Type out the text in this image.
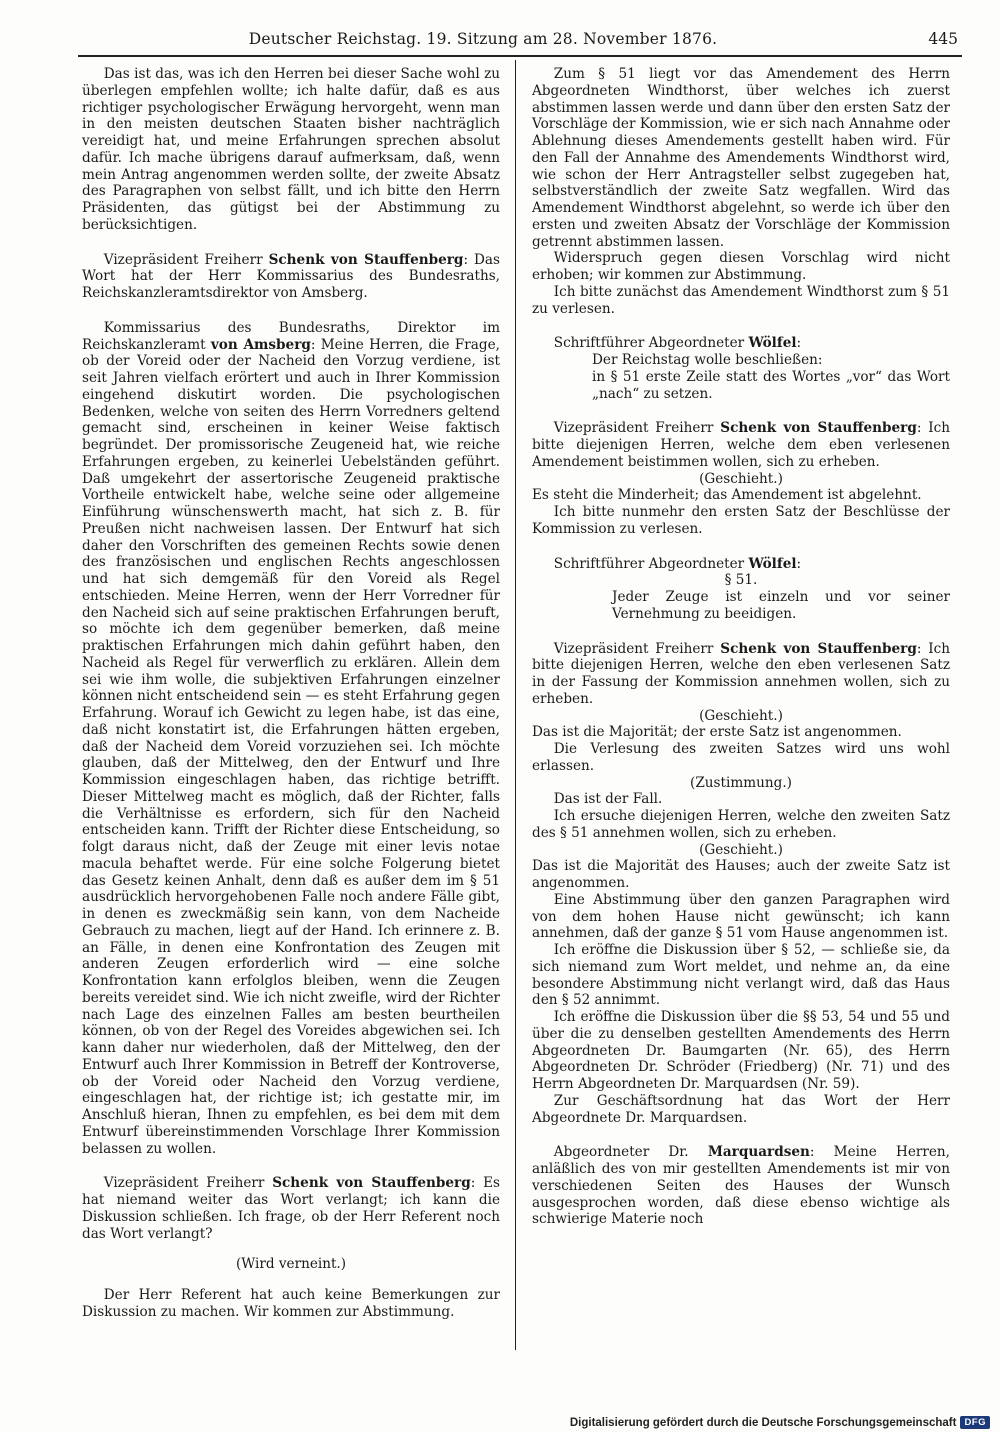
Deutscher Reichstag. 19. Sitzung am 28. November 1876.	445

Das ist das, was ich den Herren bei dieser Sache wohl zu überlegen empfehlen wollte; ich halte dafür, daß es aus richtiger psychologischer Erwägung hervorgeht, wenn man in den meisten deutschen Staaten bisher nachträglich vereidigt hat, und meine Erfahrungen sprechen absolut dafür. Ich mache übrigens darauf aufmerksam, daß, wenn mein Antrag angenommen werden sollte, der zweite Absatz des Paragraphen von selbst fällt, und ich bitte den Herrn Präsidenten, das gütigst bei der Abstimmung zu berücksichtigen.

Vizepräsident Freiherr Schenk von Stauffenberg: Das Wort hat der Herr Kommissarius des Bundesraths, Reichskanzleramtsdirektor von Amsberg.

Kommissarius des Bundesraths, Direktor im Reichskanzleramt von Amsberg: Meine Herren, die Frage, ob der Voreid oder der Nacheid den Vorzug verdiene, ist seit Jahren vielfach erörtert und auch in Ihrer Kommission eingehend diskutirt worden. Die psychologischen Bedenken, welche von seiten des Herrn Vorredners geltend gemacht sind, erscheinen in keiner Weise faktisch begründet. Der promissorische Zeugeneid hat, wie reiche Erfahrungen ergeben, zu keinerlei Uebelständen geführt. Daß umgekehrt der assertorische Zeugeneid praktische Vortheile entwickelt habe, welche seine oder allgemeine Einführung wünschenswerth macht, hat sich z. B. für Preußen nicht nachweisen lassen. Der Entwurf hat sich daher den Vorschriften des gemeinen Rechts sowie denen des französischen und englischen Rechts angeschlossen und hat sich demgemäß für den Voreid als Regel entschieden. Meine Herren, wenn der Herr Vorredner für den Nacheid sich auf seine praktischen Erfahrungen beruft, so möchte ich dem gegenüber bemerken, daß meine praktischen Erfahrungen mich dahin geführt haben, den Nacheid als Regel für verwerflich zu erklären. Allein dem sei wie ihm wolle, die subjektiven Erfahrungen einzelner können nicht entscheidend sein — es steht Erfahrung gegen Erfahrung. Worauf ich Gewicht zu legen habe, ist das eine, daß nicht konstatirt ist, die Erfahrungen hätten ergeben, daß der Nacheid dem Voreid vorzuziehen sei. Ich möchte glauben, daß der Mittelweg, den der Entwurf und Ihre Kommission eingeschlagen haben, das richtige betrifft. Dieser Mittelweg macht es möglich, daß der Richter, falls die Verhältnisse es erfordern, sich für den Nacheid entscheiden kann. Trifft der Richter diese Entscheidung, so folgt daraus nicht, daß der Zeuge mit einer levis notae macula behaftet werde. Für eine solche Folgerung bietet das Gesetz keinen Anhalt, denn daß es außer dem im § 51 ausdrücklich hervorgehobenen Falle noch andere Fälle gibt, in denen es zweckmäßig sein kann, von dem Nacheide Gebrauch zu machen, liegt auf der Hand. Ich erinnere z. B. an Fälle, in denen eine Konfrontation des Zeugen mit anderen Zeugen erforderlich wird — eine solche Konfrontation kann erfolglos bleiben, wenn die Zeugen bereits vereidet sind. Wie ich nicht zweifle, wird der Richter nach Lage des einzelnen Falles am besten beurtheilen können, ob von der Regel des Voreides abgewichen sei. Ich kann daher nur wiederholen, daß der Mittelweg, den der Entwurf auch Ihrer Kommission in Betreff der Kontroverse, ob der Voreid oder Nacheid den Vorzug verdiene, eingeschlagen hat, der richtige ist; ich gestatte mir, im Anschluß hieran, Ihnen zu empfehlen, es bei dem mit dem Entwurf übereinstimmenden Vorschlage Ihrer Kommission belassen zu wollen.

Vizepräsident Freiherr Schenk von Stauffenberg: Es hat niemand weiter das Wort verlangt; ich kann die Diskussion schließen. Ich frage, ob der Herr Referent noch das Wort verlangt?

(Wird verneint.)

Der Herr Referent hat auch keine Bemerkungen zur Diskussion zu machen. Wir kommen zur Abstimmung.

Zum § 51 liegt vor das Amendement des Herrn Abgeordneten Windthorst, über welches ich zuerst abstimmen lassen werde und dann über den ersten Satz der Vorschläge der Kommission, wie er sich nach Annahme oder Ablehnung dieses Amendements gestellt haben wird. Für den Fall der Annahme des Amendements Windthorst wird, wie schon der Herr Antragsteller selbst zugegeben hat, selbstverständlich der zweite Satz wegfallen. Wird das Amendement Windthorst abgelehnt, so werde ich über den ersten und zweiten Absatz der Vorschläge der Kommission getrennt abstimmen lassen.

Widerspruch gegen diesen Vorschlag wird nicht erhoben; wir kommen zur Abstimmung.

Ich bitte zunächst das Amendement Windthorst zum § 51 zu verlesen.

Schriftführer Abgeordneter Wölfel:

Der Reichstag wolle beschließen:

in § 51 erste Zeile statt des Wortes „vor“ das Wort „nach“ zu setzen.

Vizepräsident Freiherr Schenk von Stauffenberg: Ich bitte diejenigen Herren, welche dem eben verlesenen Amendement beistimmen wollen, sich zu erheben.

(Geschieht.)

Es steht die Minderheit; das Amendement ist abgelehnt.

Ich bitte nunmehr den ersten Satz der Beschlüsse der Kommission zu verlesen.

Schriftführer Abgeordneter Wölfel:

§ 51.

Jeder Zeuge ist einzeln und vor seiner Vernehmung zu beeidigen.

Vizepräsident Freiherr Schenk von Stauffenberg: Ich bitte diejenigen Herren, welche den eben verlesenen Satz in der Fassung der Kommission annehmen wollen, sich zu erheben.

(Geschieht.)

Das ist die Majorität; der erste Satz ist angenommen.

Die Verlesung des zweiten Satzes wird uns wohl erlassen.

(Zustimmung.)

Das ist der Fall.

Ich ersuche diejenigen Herren, welche den zweiten Satz des § 51 annehmen wollen, sich zu erheben.

(Geschieht.)

Das ist die Majorität des Hauses; auch der zweite Satz ist angenommen.

Eine Abstimmung über den ganzen Paragraphen wird von dem hohen Hause nicht gewünscht; ich kann annehmen, daß der ganze § 51 vom Hause angenommen ist.

Ich eröffne die Diskussion über § 52, — schließe sie, da sich niemand zum Wort meldet, und nehme an, da eine besondere Abstimmung nicht verlangt wird, daß das Haus den § 52 annimmt.

Ich eröffne die Diskussion über die §§ 53, 54 und 55 und über die zu denselben gestellten Amendements des Herrn Abgeordneten Dr. Baumgarten (Nr. 65), des Herrn Abgeordneten Dr. Schröder (Friedberg) (Nr. 71) und des Herrn Abgeordneten Dr. Marquardsen (Nr. 59).

Zur Geschäftsordnung hat das Wort der Herr Abgeordnete Dr. Marquardsen.

Abgeordneter Dr. Marquardsen: Meine Herren, anläßlich des von mir gestellten Amendements ist mir von verschiedenen Seiten des Hauses der Wunsch ausgesprochen worden, daß diese ebenso wichtige als schwierige Materie noch

Digitalisierung gefördert durch die Deutsche Forschungsgemeinschaft DFG
